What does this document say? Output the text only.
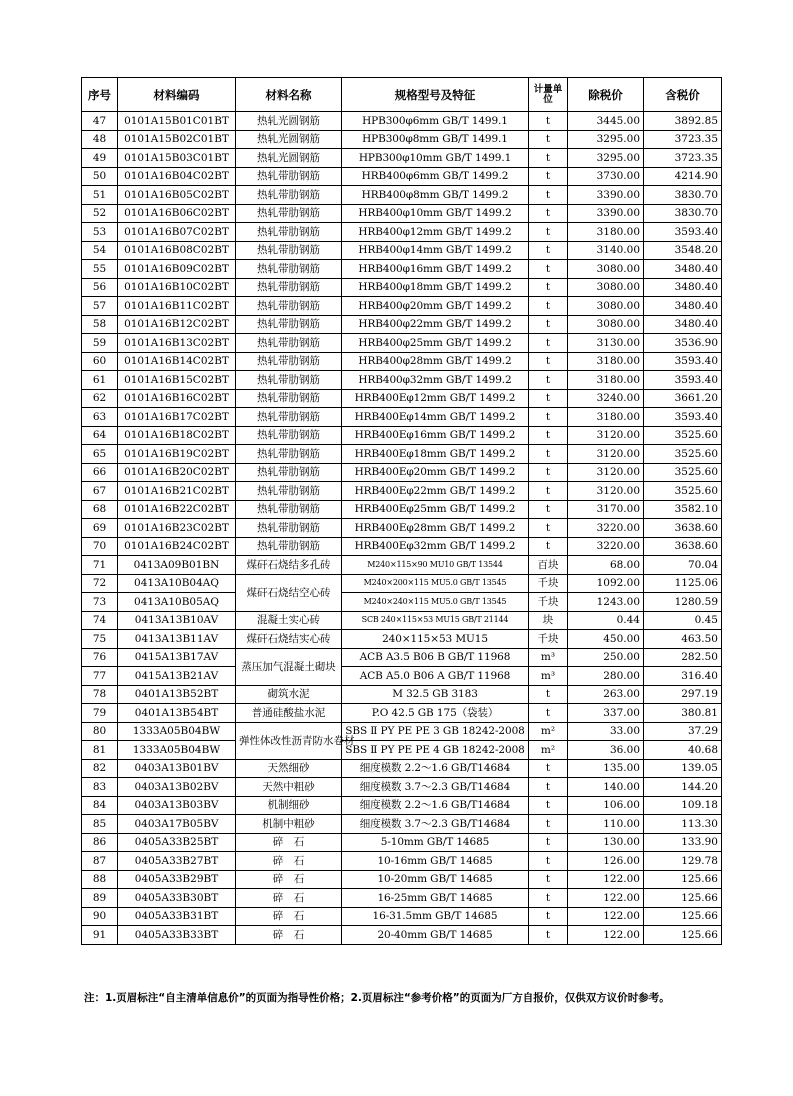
序号	材料编码	材料名称	规格型号及特征	计量单位	除税价	含税价
47	0101A15B01C01BT	热轧光圆钢筋	HPB300φ6mm GB/T 1499.1	t	3445.00	3892.85
48	0101A15B02C01BT	热轧光圆钢筋	HPB300φ8mm GB/T 1499.1	t	3295.00	3723.35
49	0101A15B03C01BT	热轧光圆钢筋	HPB300φ10mm GB/T 1499.1	t	3295.00	3723.35
50	0101A16B04C02BT	热轧带肋钢筋	HRB400φ6mm GB/T 1499.2	t	3730.00	4214.90
51	0101A16B05C02BT	热轧带肋钢筋	HRB400φ8mm GB/T 1499.2	t	3390.00	3830.70
52	0101A16B06C02BT	热轧带肋钢筋	HRB400φ10mm GB/T 1499.2	t	3390.00	3830.70
53	0101A16B07C02BT	热轧带肋钢筋	HRB400φ12mm GB/T 1499.2	t	3180.00	3593.40
54	0101A16B08C02BT	热轧带肋钢筋	HRB400φ14mm GB/T 1499.2	t	3140.00	3548.20
55	0101A16B09C02BT	热轧带肋钢筋	HRB400φ16mm GB/T 1499.2	t	3080.00	3480.40
56	0101A16B10C02BT	热轧带肋钢筋	HRB400φ18mm GB/T 1499.2	t	3080.00	3480.40
57	0101A16B11C02BT	热轧带肋钢筋	HRB400φ20mm GB/T 1499.2	t	3080.00	3480.40
58	0101A16B12C02BT	热轧带肋钢筋	HRB400φ22mm GB/T 1499.2	t	3080.00	3480.40
59	0101A16B13C02BT	热轧带肋钢筋	HRB400φ25mm GB/T 1499.2	t	3130.00	3536.90
60	0101A16B14C02BT	热轧带肋钢筋	HRB400φ28mm GB/T 1499.2	t	3180.00	3593.40
61	0101A16B15C02BT	热轧带肋钢筋	HRB400φ32mm GB/T 1499.2	t	3180.00	3593.40
62	0101A16B16C02BT	热轧带肋钢筋	HRB400Eφ12mm GB/T 1499.2	t	3240.00	3661.20
63	0101A16B17C02BT	热轧带肋钢筋	HRB400Eφ14mm GB/T 1499.2	t	3180.00	3593.40
64	0101A16B18C02BT	热轧带肋钢筋	HRB400Eφ16mm GB/T 1499.2	t	3120.00	3525.60
65	0101A16B19C02BT	热轧带肋钢筋	HRB400Eφ18mm GB/T 1499.2	t	3120.00	3525.60
66	0101A16B20C02BT	热轧带肋钢筋	HRB400Eφ20mm GB/T 1499.2	t	3120.00	3525.60
67	0101A16B21C02BT	热轧带肋钢筋	HRB400Eφ22mm GB/T 1499.2	t	3120.00	3525.60
68	0101A16B22C02BT	热轧带肋钢筋	HRB400Eφ25mm GB/T 1499.2	t	3170.00	3582.10
69	0101A16B23C02BT	热轧带肋钢筋	HRB400Eφ28mm GB/T 1499.2	t	3220.00	3638.60
70	0101A16B24C02BT	热轧带肋钢筋	HRB400Eφ32mm GB/T 1499.2	t	3220.00	3638.60
71	0413A09B01BN	煤矸石烧结多孔砖	M240×115×90 MU10 GB/T 13544	百块	68.00	70.04
72	0413A10B04AQ	煤矸石烧结空心砖	M240×200×115 MU5.0 GB/T 13545	千块	1092.00	1125.06
73	0413A10B05AQ		M240×240×115 MU5.0 GB/T 13545	千块	1243.00	1280.59
74	0413A13B10AV	混凝土实心砖	SCB 240×115×53 MU15 GB/T 21144	块	0.44	0.45
75	0413A13B11AV	煤矸石烧结实心砖	240×115×53 MU15	千块	450.00	463.50
76	0415A13B17AV	蒸压加气混凝土砌块	ACB A3.5 B06 B GB/T 11968	m³	250.00	282.50
77	0415A13B21AV		ACB A5.0 B06 A GB/T 11968	m³	280.00	316.40
78	0401A13B52BT	砌筑水泥	M 32.5 GB 3183	t	263.00	297.19
79	0401A13B54BT	普通硅酸盐水泥	P.O 42.5 GB 175（袋装）	t	337.00	380.81
80	1333A05B04BW	弹性体改性沥青防水卷材	SBS Ⅱ PY PE PE 3 GB 18242-2008	m²	33.00	37.29
81	1333A05B04BW		SBS Ⅱ PY PE PE 4 GB 18242-2008	m²	36.00	40.68
82	0403A13B01BV	天然细砂	细度模数 2.2～1.6 GB/T14684	t	135.00	139.05
83	0403A13B02BV	天然中粗砂	细度模数 3.7～2.3 GB/T14684	t	140.00	144.20
84	0403A13B03BV	机制细砂	细度模数 2.2～1.6 GB/T14684	t	106.00	109.18
85	0403A17B05BV	机制中粗砂	细度模数 3.7～2.3 GB/T14684	t	110.00	113.30
86	0405A33B25BT	碎　石	5-10mm GB/T 14685	t	130.00	133.90
87	0405A33B27BT	碎　石	10-16mm GB/T 14685	t	126.00	129.78
88	0405A33B29BT	碎　石	10-20mm GB/T 14685	t	122.00	125.66
89	0405A33B30BT	碎　石	16-25mm GB/T 14685	t	122.00	125.66
90	0405A33B31BT	碎　石	16-31.5mm GB/T 14685	t	122.00	125.66
91	0405A33B33BT	碎　石	20-40mm GB/T 14685	t	122.00	125.66
注：1.页眉标注“自主清单信息价”的页面为指导性价格；2.页眉标注“参考价格”的页面为厂方自报价，仅供双方议价时参考。
